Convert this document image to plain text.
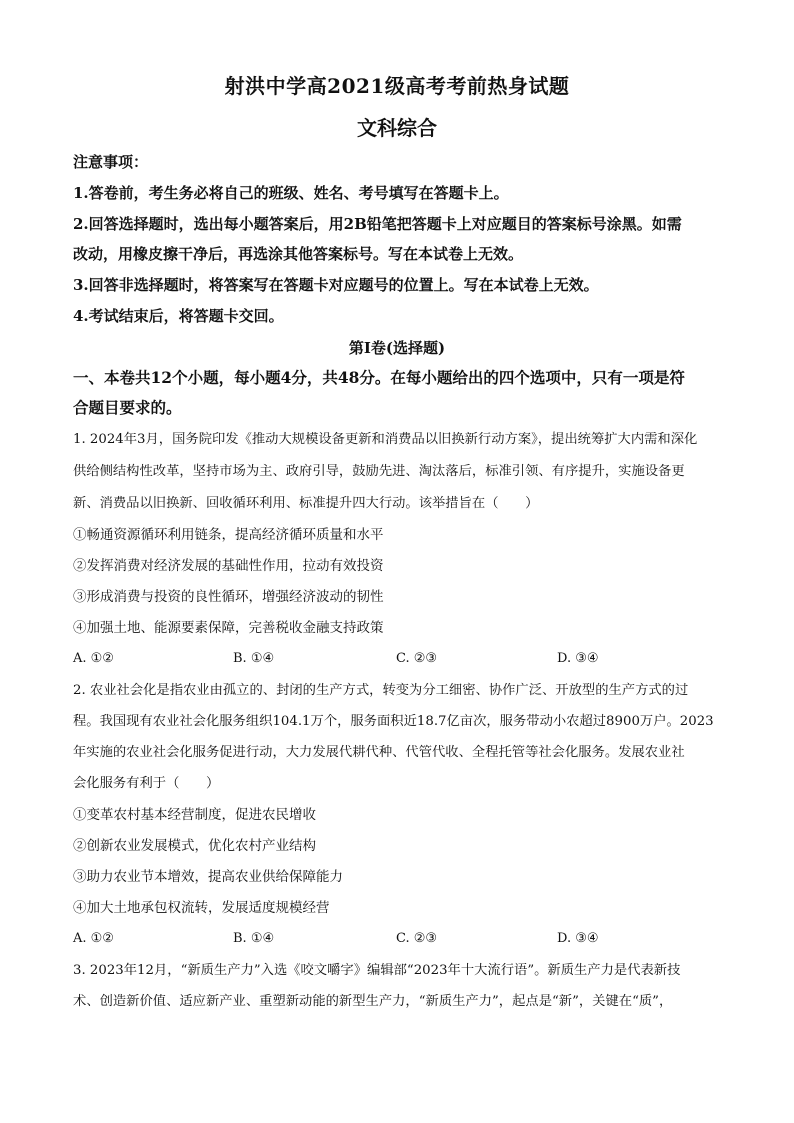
射洪中学高2021级高考考前热身试题
文科综合
注意事项：
1.答卷前，考生务必将自己的班级、姓名、考号填写在答题卡上。
2.回答选择题时，选出每小题答案后，用2B铅笔把答题卡上对应题目的答案标号涂黑。如需
改动，用橡皮擦干净后，再选涂其他答案标号。写在本试卷上无效。
3.回答非选择题时，将答案写在答题卡对应题号的位置上。写在本试卷上无效。
4.考试结束后，将答题卡交回。
第Ⅰ卷(选择题)
一、本卷共12个小题，每小题4分，共48分。在每小题给出的四个选项中，只有一项是符
合题目要求的。
1. 2024年3月，国务院印发《推动大规模设备更新和消费品以旧换新行动方案》，提出统筹扩大内需和深化
供给侧结构性改革，坚持市场为主、政府引导，鼓励先进、淘汰落后，标准引领、有序提升，实施设备更
新、消费品以旧换新、回收循环利用、标准提升四大行动。该举措旨在（　　）
①畅通资源循环利用链条，提高经济循环质量和水平
②发挥消费对经济发展的基础性作用，拉动有效投资
③形成消费与投资的良性循环，增强经济波动的韧性
④加强土地、能源要素保障，完善税收金融支持政策
A. ①②	B. ①④	C. ②③	D. ③④
2. 农业社会化是指农业由孤立的、封闭的生产方式，转变为分工细密、协作广泛、开放型的生产方式的过
程。我国现有农业社会化服务组织104.1万个，服务面积近18.7亿亩次，服务带动小农超过8900万户。2023
年实施的农业社会化服务促进行动，大力发展代耕代种、代管代收、全程托管等社会化服务。发展农业社
会化服务有利于（　　）
①变革农村基本经营制度，促进农民增收
②创新农业发展模式，优化农村产业结构
③助力农业节本增效，提高农业供给保障能力
④加大土地承包权流转，发展适度规模经营
A. ①②	B. ①④	C. ②③	D. ③④
3. 2023年12月，“新质生产力”入选《咬文嚼字》编辑部“2023年十大流行语”。新质生产力是代表新技
术、创造新价值、适应新产业、重塑新动能的新型生产力，“新质生产力”，起点是“新”，关键在“质”，
